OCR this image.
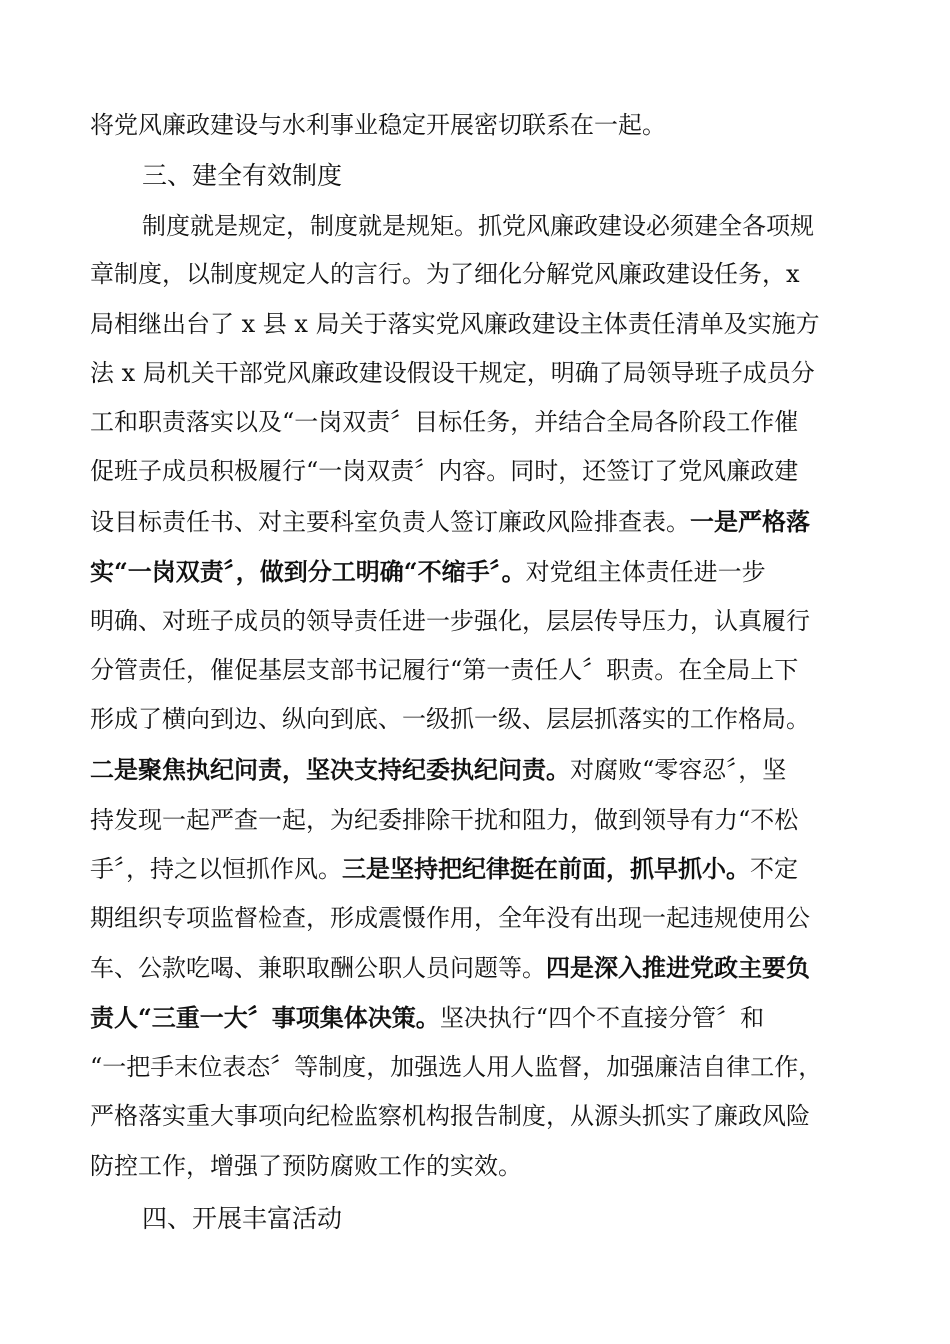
将党风廉政建设与水利事业稳定开展密切联系在一起。
三、建全有效制度
制度就是规定，制度就是规矩。抓党风廉政建设必须建全各项规
章制度，以制度规定人的言行。为了细化分解党风廉政建设任务，x
局相继出台了 x 县 x 局关于落实党风廉政建设主体责任清单及实施方
法 x 局机关干部党风廉政建设假设干规定，明确了局领导班子成员分
工和职责落实以及“一岗双责〞目标任务，并结合全局各阶段工作催
促班子成员积极履行“一岗双责〞内容。同时，还签订了党风廉政建
设目标责任书、对主要科室负责人签订廉政风险排查表。一是严格落
实“一岗双责〞，做到分工明确“不缩手〞。对党组主体责任进一步
明确、对班子成员的领导责任进一步强化，层层传导压力，认真履行
分管责任，催促基层支部书记履行“第一责任人〞职责。在全局上下
形成了横向到边、纵向到底、一级抓一级、层层抓落实的工作格局。
二是聚焦执纪问责，坚决支持纪委执纪问责。对腐败“零容忍〞，坚
持发现一起严查一起，为纪委排除干扰和阻力，做到领导有力“不松
手〞，持之以恒抓作风。三是坚持把纪律挺在前面，抓早抓小。不定
期组织专项监督检查，形成震慑作用，全年没有出现一起违规使用公
车、公款吃喝、兼职取酬公职人员问题等。四是深入推进党政主要负
责人“三重一大〞事项集体决策。坚决执行“四个不直接分管〞和
“一把手末位表态〞等制度，加强选人用人监督，加强廉洁自律工作，
严格落实重大事项向纪检监察机构报告制度，从源头抓实了廉政风险
防控工作，增强了预防腐败工作的实效。
四、开展丰富活动
